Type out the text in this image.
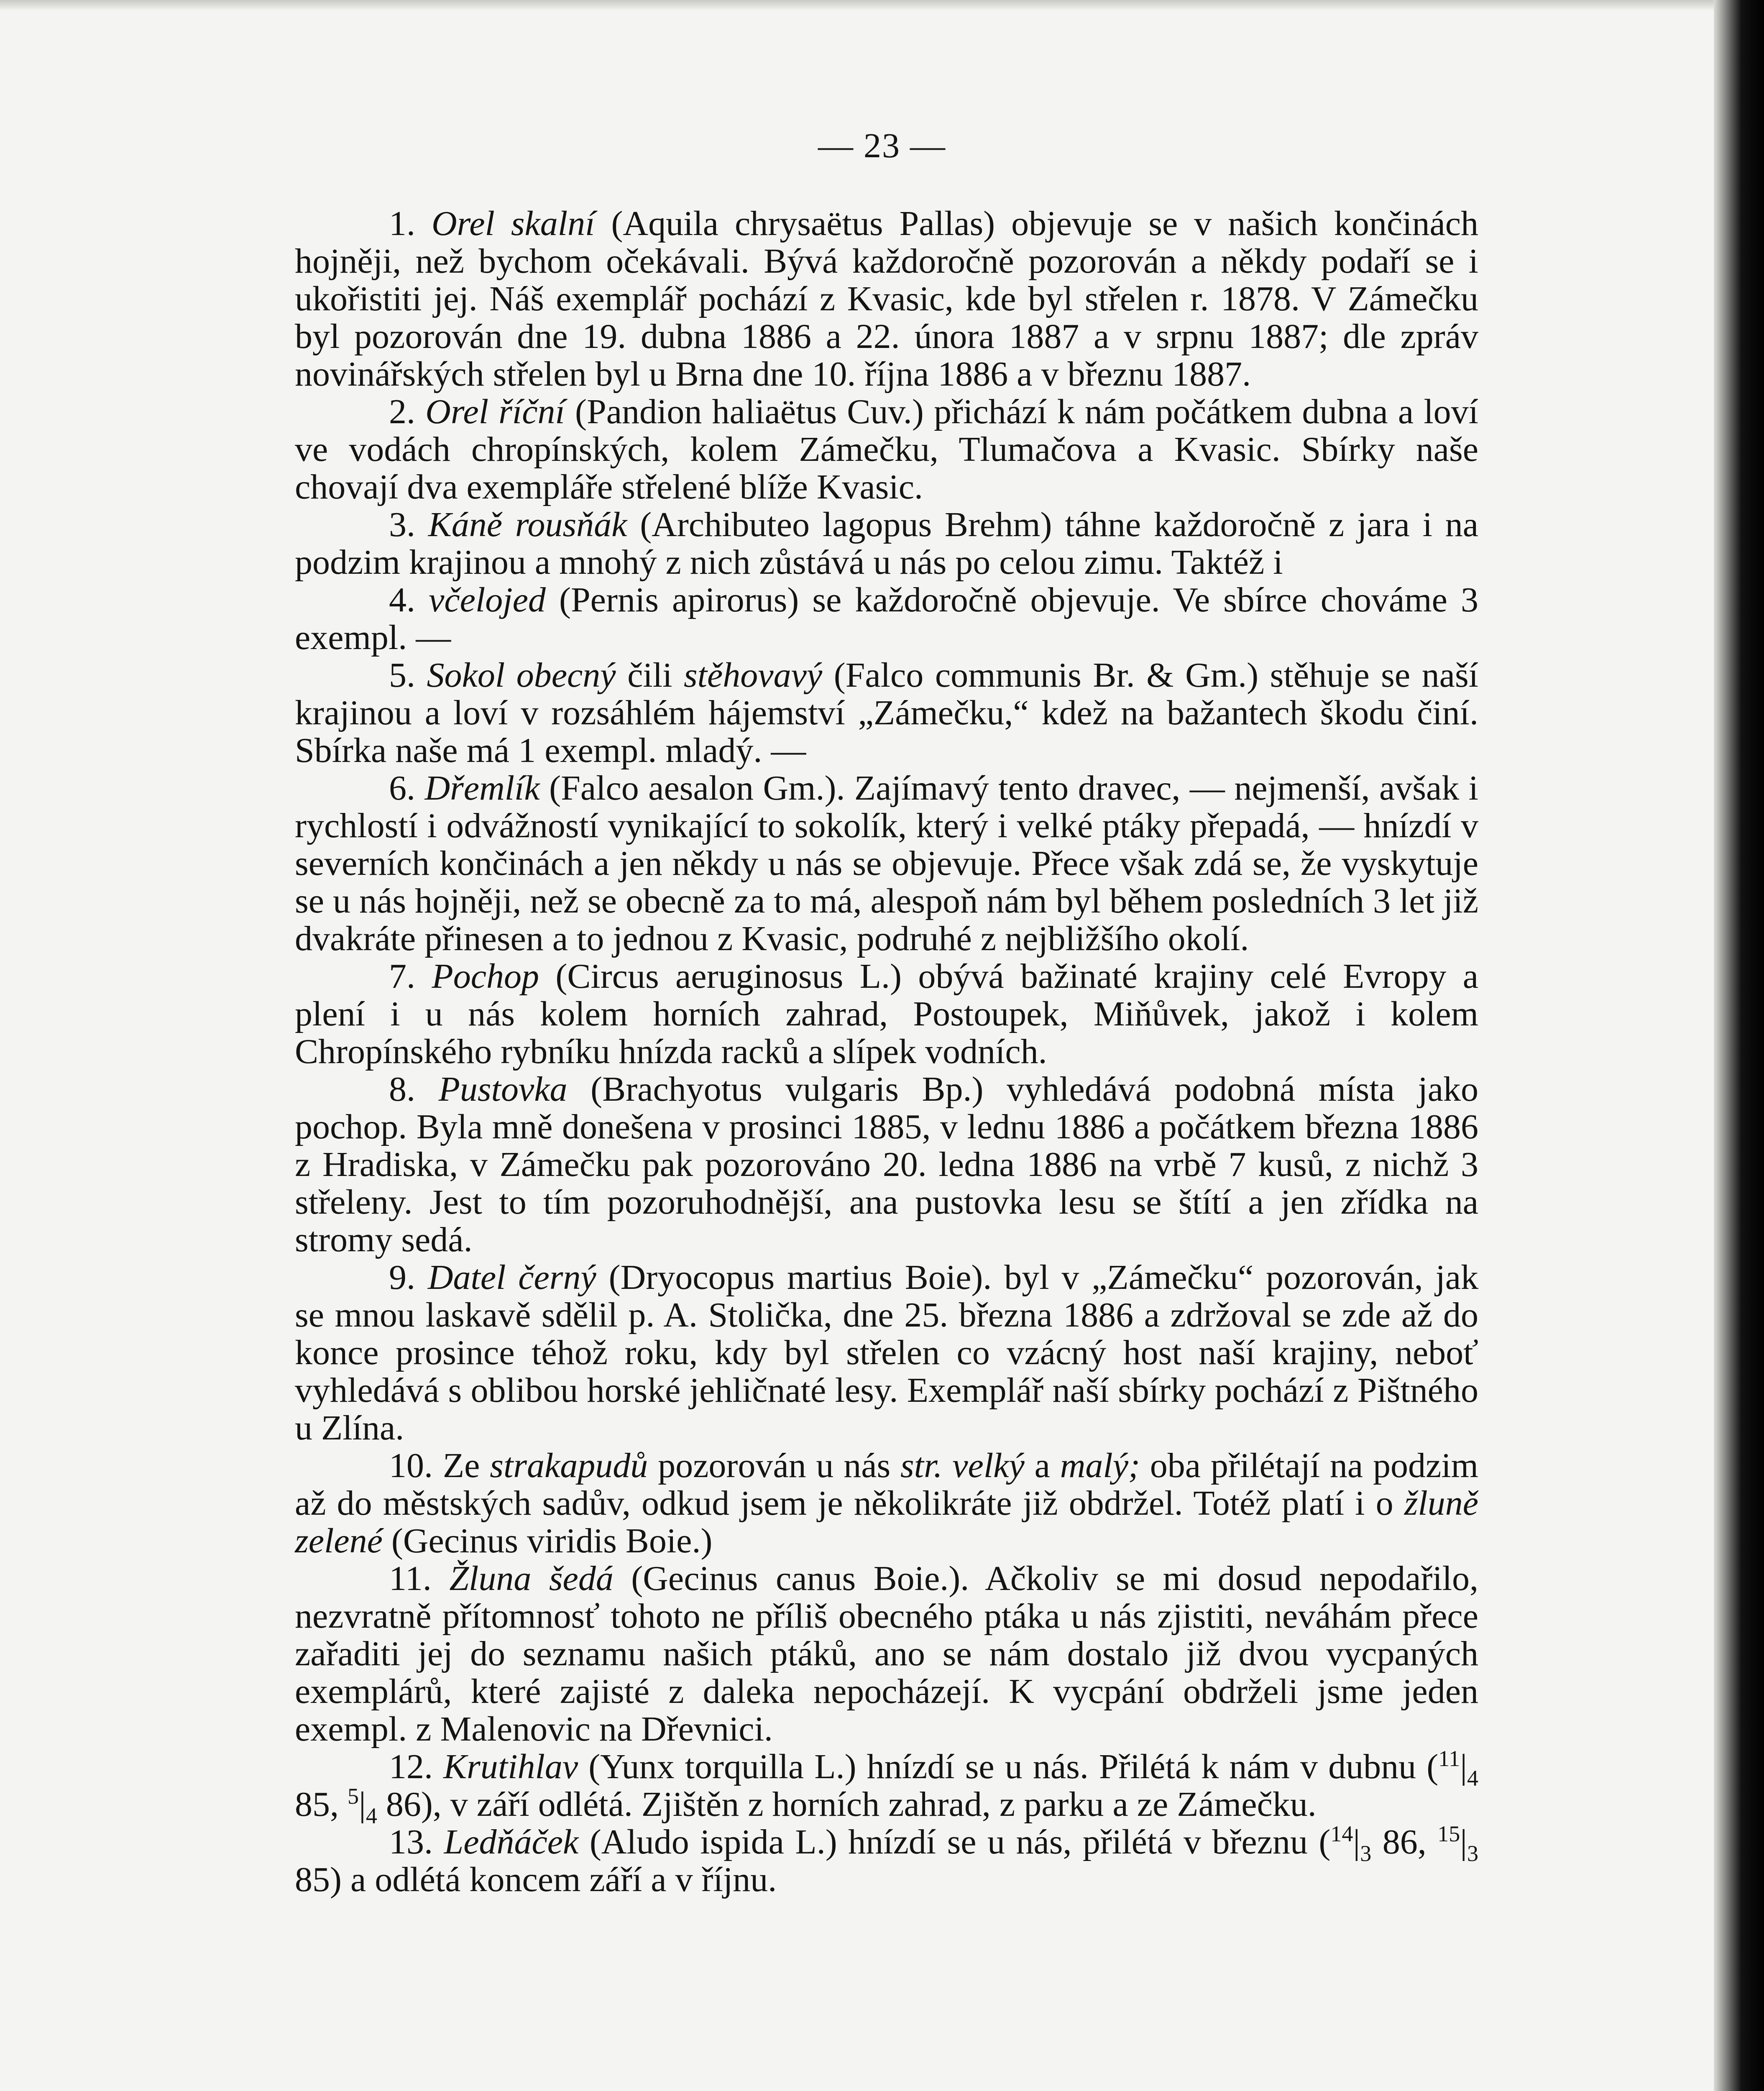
— 23 —

1. Orel skalní (Aquila chrysaëtus Pallas) objevuje se v našich končinách hojněji, než bychom očekávali. Bývá každoročně pozorován a někdy podaří se i ukořistiti jej. Náš exemplář pochází z Kvasic, kde byl střelen r. 1878. V Zámečku byl pozorován dne 19. dubna 1886 a 22. února 1887 a v srpnu 1887; dle zpráv novinářských střelen byl u Brna dne 10. října 1886 a v březnu 1887.

2. Orel říční (Pandion haliaëtus Cuv.) přichází k nám počátkem dubna a loví ve vodách chropínských, kolem Zámečku, Tlumačova a Kvasic. Sbírky naše chovají dva exempláře střelené blíže Kvasic.

3. Káně rousňák (Archibuteo lagopus Brehm) táhne každoročně z jara i na podzim krajinou a mnohý z nich zůstává u nás po celou zimu. Taktéž i

4. včelojed (Pernis apirorus) se každoročně objevuje. Ve sbírce chováme 3 exempl. —

5. Sokol obecný čili stěhovavý (Falco communis Br. & Gm.) stěhuje se naší krajinou a loví v rozsáhlém hájemství „Zámečku,“ kdež na bažantech škodu činí. Sbírka naše má 1 exempl. mladý. —

6. Dřemlík (Falco aesalon Gm.). Zajímavý tento dravec, — nejmenší, avšak i rychlostí i odvážností vynikající to sokolík, který i velké ptáky přepadá, — hnízdí v severních končinách a jen někdy u nás se objevuje. Přece však zdá se, že vyskytuje se u nás hojněji, než se obecně za to má, alespoň nám byl během posledních 3 let již dvakráte přinesen a to jednou z Kvasic, podruhé z nejbližšího okolí.

7. Pochop (Circus aeruginosus L.) obývá bažinaté krajiny celé Evropy a plení i u nás kolem horních zahrad, Postoupek, Miňůvek, jakož i kolem Chropínského rybníku hnízda racků a slípek vodních.

8. Pustovka (Brachyotus vulgaris Bp.) vyhledává podobná místa jako pochop. Byla mně donešena v prosinci 1885, v lednu 1886 a počátkem března 1886 z Hradiska, v Zámečku pak pozorováno 20. ledna 1886 na vrbě 7 kusů, z nichž 3 střeleny. Jest to tím pozoruhodnější, ana pustovka lesu se štítí a jen zřídka na stromy sedá.

9. Datel černý (Dryocopus martius Boie). byl v „Zámečku“ pozorován, jak se mnou laskavě sdělil p. A. Stolička, dne 25. března 1886 a zdržoval se zde až do konce prosince téhož roku, kdy byl střelen co vzácný host naší krajiny, neboť vyhledává s oblibou horské jehličnaté lesy. Exemplář naší sbírky pochází z Pištného u Zlína.

10. Ze strakapudů pozorován u nás str. velký a malý; oba přilétají na podzim až do městských sadův, odkud jsem je několikráte již obdržel. Totéž platí i o žluně zelené (Gecinus viridis Boie.)

11. Žluna šedá (Gecinus canus Boie.). Ačkoliv se mi dosud nepodařilo, nezvratně přítomnosť tohoto ne příliš obecného ptáka u nás zjistiti, neváhám přece zařaditi jej do seznamu našich ptáků, ano se nám dostalo již dvou vycpaných exemplárů, které zajisté z daleka nepocházejí. K vycpání obdrželi jsme jeden exempl. z Malenovic na Dřevnici.

12. Krutihlav (Yunx torquilla L.) hnízdí se u nás. Přilétá k nám v dubnu ($^{11}|_4$ 85, $^5|_4$ 86), v září odlétá. Zjištěn z horních zahrad, z parku a ze Zámečku.

13. Ledňáček (Aludo ispida L.) hnízdí se u nás, přilétá v březnu ($^{14}|_3$ 86, $^{15}|_3$ 85) a odlétá koncem září a v říjnu.
